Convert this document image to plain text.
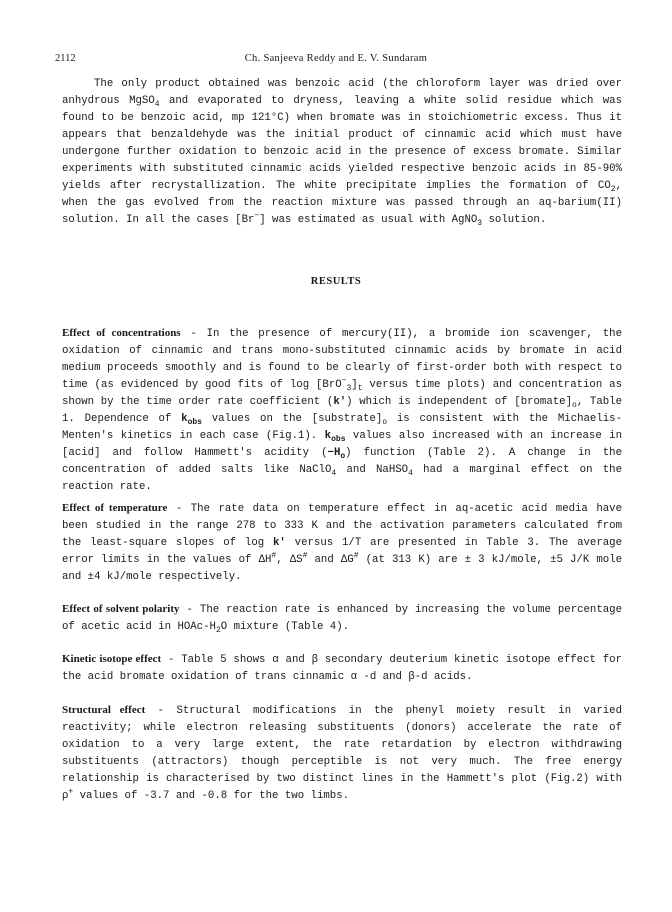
2112	Ch. Sanjeeva Reddy and E. V. Sundaram

The only product obtained was benzoic acid (the chloroform layer was dried over anhydrous MgSO$_4$ and evaporated to dryness, leaving a white solid residue which was found to be benzoic acid, mp 121°C) when bromate was in stoichiometric excess. Thus it appears that benzaldehyde was the initial product of cinnamic acid which must have undergone further oxidation to benzoic acid in the presence of excess bromate. Similar experiments with substituted cinnamic acids yielded respective benzoic acids in 85-90% yields after recrystallization. The white precipitate implies the formation of $CO_2$, when the gas evolved from the reaction mixture was passed through an aq-barium(II) solution. In all the cases [Br−] was estimated as usual with AgNO$_3$ solution.

RESULTS

Effect of concentrations - In the presence of mercury(II), a bromide ion scavenger, the oxidation of cinnamic and trans mono-substituted cinnamic acids by bromate in acid medium proceeds smoothly and is found to be clearly of first-order both with respect to time (as evidenced by good fits of $\log [BrO^-_3]_t$ versus time plots) and concentration as shown by the time order rate coefficient (k') which is independent of $[bromate]_o$, Table 1. Dependence of $k_{obs}$ values on the $[substrate]_o$ is consistent with the Michaelis-Menten's kinetics in each case (Fig.1). $k_{obs}$ values also increased with an increase in [acid] and follow Hammett's acidity $(-H_o)$ function (Table 2). A change in the concentration of added salts like NaClO$_4$ and NaHSO$_4$ had a marginal effect on the reaction rate.

Effect of temperature - The rate data on temperature effect in aq-acetic acid media have been studied in the range 278 to 333 K and the activation parameters calculated from the least-square slopes of log k' versus 1/T are presented in Table 3. The average error limits in the values of ΔH#, ΔS# and ΔG# (at 313 K) are ± 3 kJ/mole, ±5 J/K mole and ±4 kJ/mole respectively.

Effect of solvent polarity - The reaction rate is enhanced by increasing the volume percentage of acetic acid in HOAc-$H_2O$ mixture (Table 4).

Kinetic isotope effect - Table 5 shows α and β secondary deuterium kinetic isotope effect for the acid bromate oxidation of trans cinnamic α -d and β-d acids.

Structural effect - Structural modifications in the phenyl moiety result in varied reactivity; while electron releasing substituents (donors) accelerate the rate of oxidation to a very large extent, the rate retardation by electron withdrawing substituents (attractors) though perceptible is not very much. The free energy relationship is characterised by two distinct lines in the Hammett's plot (Fig.2) with ρ+ values of -3.7 and -0.8 for the two limbs.
